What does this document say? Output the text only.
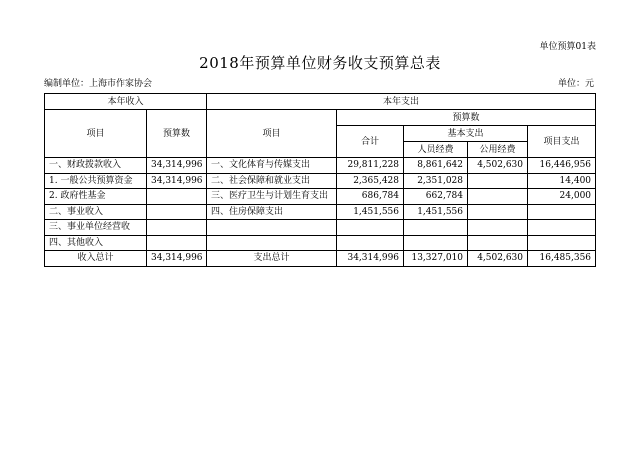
单位预算01表
2018年预算单位财务收支预算总表
编制单位：上海市作家协会	单位：元
本年收入		本年支出				
项目	预算数	项目	预算数			
			合计	基本支出		项目支出
				人员经费	公用经费	
一、财政拨款收入	34,314,996	一、文化体育与传媒支出	29,811,228	8,861,642	4,502,630	16,446,956
1. 一般公共预算资金	34,314,996	二、社会保障和就业支出	2,365,428	2,351,028		14,400
2. 政府性基金		三、医疗卫生与计划生育支出	686,784	662,784		24,000
二、事业收入		四、住房保障支出	1,451,556	1,451,556		
三、事业单位经营收						
四、其他收入						
收入总计	34,314,996	支出总计	34,314,996	13,327,010	4,502,630	16,485,356
